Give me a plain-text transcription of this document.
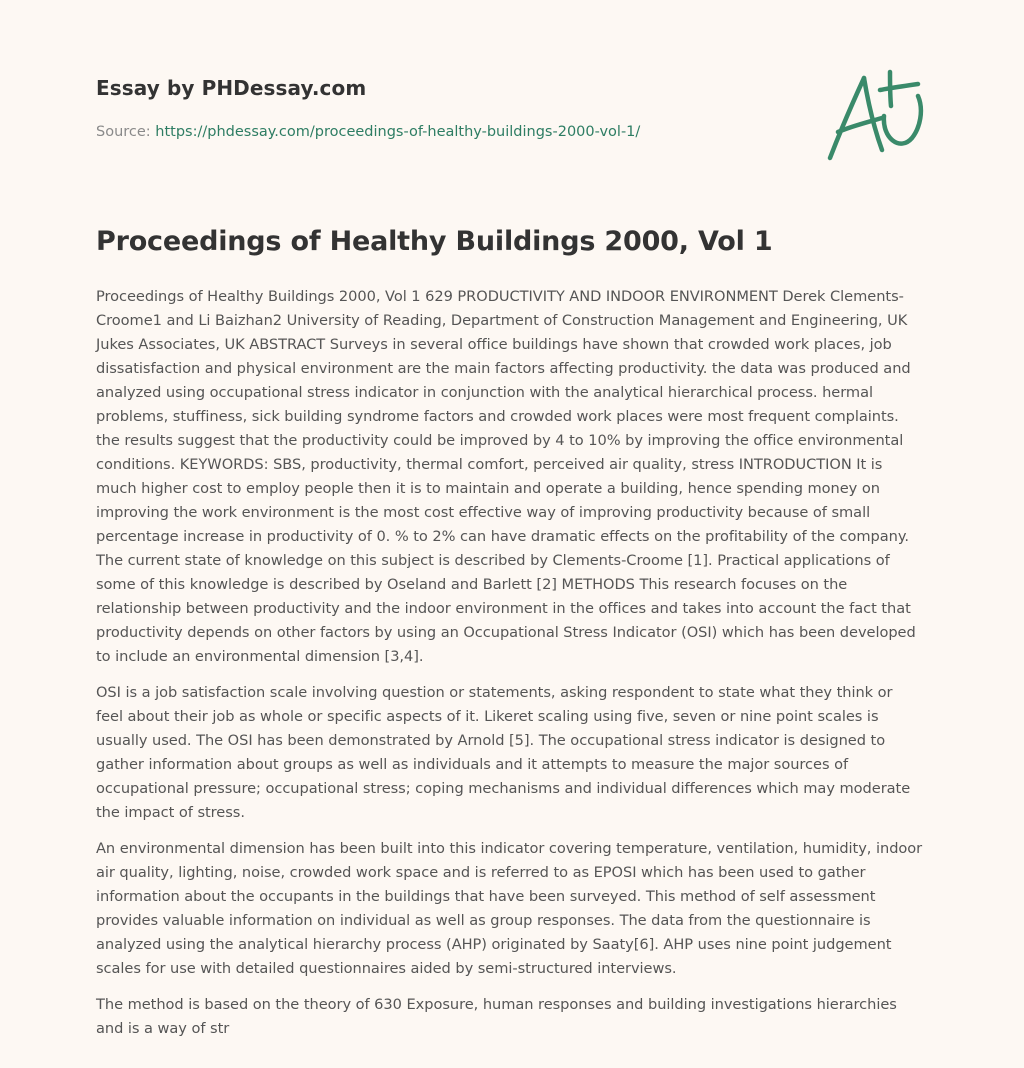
Essay by PHDessay.com
Source: https://phdessay.com/proceedings-of-healthy-buildings-2000-vol-1/
Proceedings of Healthy Buildings 2000, Vol 1

Proceedings of Healthy Buildings 2000, Vol 1 629 PRODUCTIVITY AND INDOOR ENVIRONMENT Derek Clements-Croome1 and Li Baizhan2 University of Reading, Department of Construction Management and Engineering, UK Jukes Associates, UK ABSTRACT Surveys in several office buildings have shown that crowded work places, job dissatisfaction and physical environment are the main factors affecting productivity. the data was produced and analyzed using occupational stress indicator in conjunction with the analytical hierarchical process. hermal problems, stuffiness, sick building syndrome factors and crowded work places were most frequent complaints. the results suggest that the productivity could be improved by 4 to 10% by improving the office environmental conditions. KEYWORDS: SBS, productivity, thermal comfort, perceived air quality, stress INTRODUCTION It is much higher cost to employ people then it is to maintain and operate a building, hence spending money on improving the work environment is the most cost effective way of improving productivity because of small percentage increase in productivity of 0. % to 2% can have dramatic effects on the profitability of the company. The current state of knowledge on this subject is described by Clements-Croome [1]. Practical applications of some of this knowledge is described by Oseland and Barlett [2] METHODS This research focuses on the relationship between productivity and the indoor environment in the offices and takes into account the fact that productivity depends on other factors by using an Occupational Stress Indicator (OSI) which has been developed to include an environmental dimension [3,4].

OSI is a job satisfaction scale involving question or statements, asking respondent to state what they think or feel about their job as whole or specific aspects of it. Likeret scaling using five, seven or nine point scales is usually used. The OSI has been demonstrated by Arnold [5]. The occupational stress indicator is designed to gather information about groups as well as individuals and it attempts to measure the major sources of occupational pressure; occupational stress; coping mechanisms and individual differences which may moderate the impact of stress.

An environmental dimension has been built into this indicator covering temperature, ventilation, humidity, indoor air quality, lighting, noise, crowded work space and is referred to as EPOSI which has been used to gather information about the occupants in the buildings that have been surveyed. This method of self assessment provides valuable information on individual as well as group responses. The data from the questionnaire is analyzed using the analytical hierarchy process (AHP) originated by Saaty[6]. AHP uses nine point judgement scales for use with detailed questionnaires aided by semi-structured interviews.

The method is based on the theory of 630 Exposure, human responses and building investigations hierarchies and is a way of str
